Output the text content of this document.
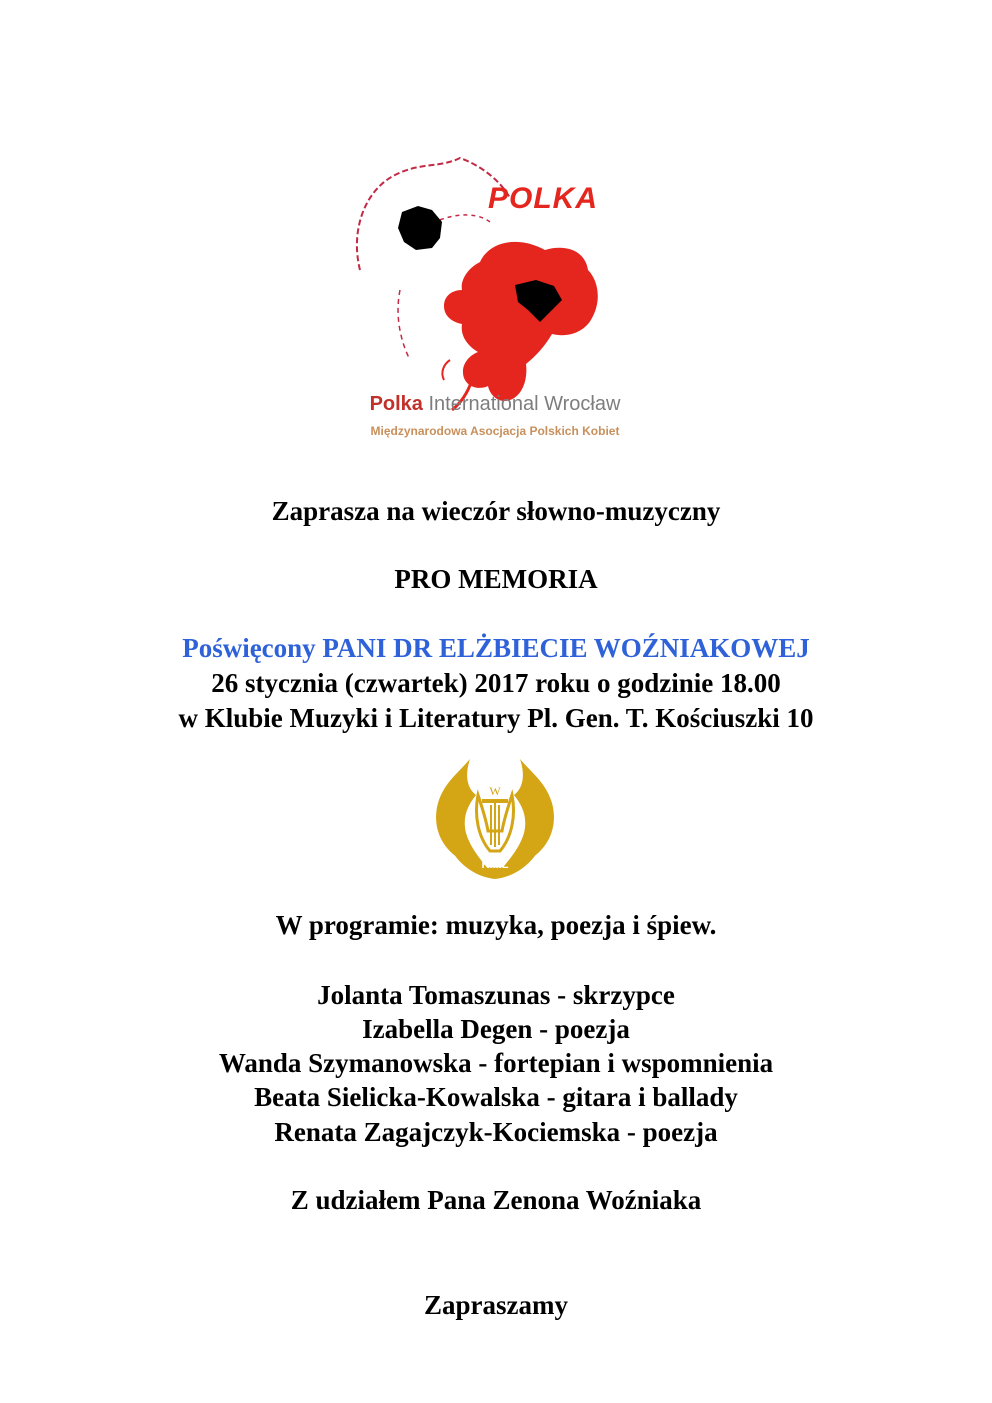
POLKA
Polka International Wrocław
Międzynarodowa Asocjacja Polskich Kobiet
Zaprasza na wieczór słowno-muzyczny
PRO MEMORIA
Poświęcony PANI DR ELŻBIECIE WOŹNIAKOWEJ
26 stycznia (czwartek) 2017 roku o godzinie 18.00
w Klubie Muzyki i Literatury Pl. Gen. T. Kościuszki 10
W
KMiL
W programie: muzyka, poezja i śpiew.
Jolanta Tomaszunas - skrzypce
Izabella Degen - poezja
Wanda Szymanowska - fortepian i wspomnienia
Beata Sielicka-Kowalska - gitara i ballady
Renata Zagajczyk-Kociemska - poezja
Z udziałem Pana Zenona Woźniaka
Zapraszamy
